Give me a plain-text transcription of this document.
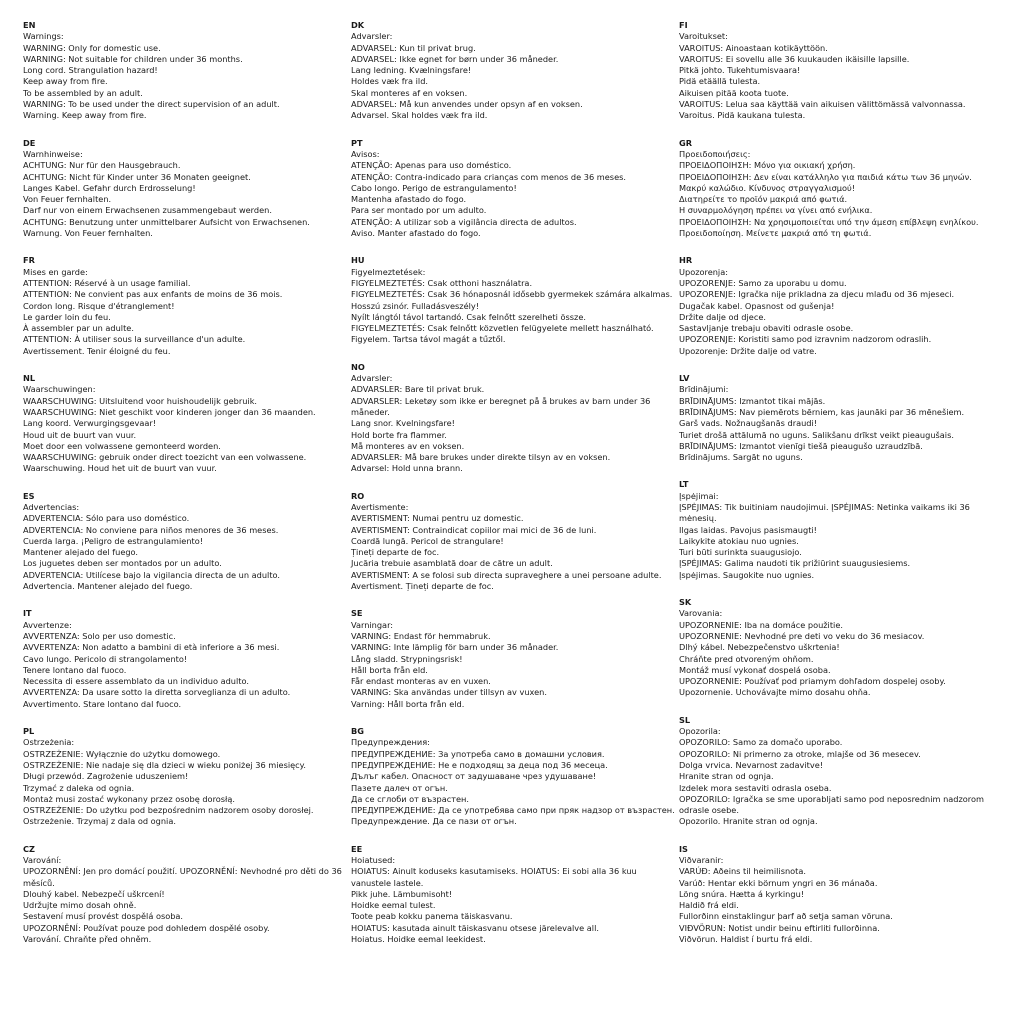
EN
Warnings:
WARNING: Only for domestic use.
WARNING: Not suitable for children under 36 months.
Long cord. Strangulation hazard!
Keep away from fire.
To be assembled by an adult.
WARNING: To be used under the direct supervision of an adult.
Warning. Keep away from fire.
DE
Warnhinweise:
ACHTUNG: Nur für den Hausgebrauch.
ACHTUNG: Nicht für Kinder unter 36 Monaten geeignet.
Langes Kabel. Gefahr durch Erdrosselung!
Von Feuer fernhalten.
Darf nur von einem Erwachsenen zusammengebaut werden.
ACHTUNG: Benutzung unter unmittelbarer Aufsicht von Erwachsenen.
Warnung. Von Feuer fernhalten.
FR
Mises en garde:
ATTENTION: Réservé à un usage familial.
ATTENTION: Ne convient pas aux enfants de moins de 36 mois.
Cordon long. Risque d'étranglement!
Le garder loin du feu.
À assembler par un adulte.
ATTENTION: À utiliser sous la surveillance d'un adulte.
Avertissement. Tenir éloigné du feu.
NL
Waarschuwingen:
WAARSCHUWING: Uitsluitend voor huishoudelijk gebruik.
WAARSCHUWING: Niet geschikt voor kinderen jonger dan 36 maanden.
Lang koord. Verwurgingsgevaar!
Houd uit de buurt van vuur.
Moet door een volwassene gemonteerd worden.
WAARSCHUWING: gebruik onder direct toezicht van een volwassene.
Waarschuwing. Houd het uit de buurt van vuur.
ES
Advertencias:
ADVERTENCIA: Sólo para uso doméstico.
ADVERTENCIA: No conviene para niños menores de 36 meses.
Cuerda larga. ¡Peligro de estrangulamiento!
Mantener alejado del fuego.
Los juguetes deben ser montados por un adulto.
ADVERTENCIA: Utilícese bajo la vigilancia directa de un adulto.
Advertencia. Mantener alejado del fuego.
IT
Avvertenze:
AVVERTENZA: Solo per uso domestic.
AVVERTENZA: Non adatto a bambini di età inferiore a 36 mesi.
Cavo lungo. Pericolo di strangolamento!
Tenere lontano dal fuoco.
Necessita di essere assemblato da un individuo adulto.
AVVERTENZA: Da usare sotto la diretta sorveglianza di un adulto.
Avvertimento. Stare lontano dal fuoco.
PL
Ostrzeżenia:
OSTRZEŻENIE: Wyłącznie do użytku domowego.
OSTRZEŻENIE: Nie nadaje się dla dzieci w wieku poniżej 36 miesięcy.
Długi przewód. Zagrożenie uduszeniem!
Trzymać z daleka od ognia.
Montaż musi zostać wykonany przez osobę dorosłą.
OSTRZEŻENIE: Do użytku pod bezpośrednim nadzorem osoby dorosłej.
Ostrzeżenie. Trzymaj z dala od ognia.
CZ
Varování:
UPOZORNĚNÍ: Jen pro domácí použití. UPOZORNĚNÍ: Nevhodné pro děti do 36 měsíců.
Dlouhý kabel. Nebezpečí uškrcení!
Udržujte mimo dosah ohně.
Sestavení musí provést dospělá osoba.
UPOZORNĚNÍ: Používat pouze pod dohledem dospělé osoby.
Varování. Chraňte před ohněm.
DK
Advarsler:
ADVARSEL: Kun til privat brug.
ADVARSEL: Ikke egnet for børn under 36 måneder.
Lang ledning. Kvælningsfare!
Holdes væk fra ild.
Skal monteres af en voksen.
ADVARSEL: Må kun anvendes under opsyn af en voksen.
Advarsel. Skal holdes væk fra ild.
PT
Avisos:
ATENÇÃO: Apenas para uso doméstico.
ATENÇÃO: Contra-indicado para crianças com menos de 36 meses.
Cabo longo. Perigo de estrangulamento!
Mantenha afastado do fogo.
Para ser montado por um adulto.
ATENÇÃO: A utilizar sob a vigilância directa de adultos.
Aviso. Manter afastado do fogo.
HU
Figyelmeztetések:
FIGYELMEZTETÉS: Csak otthoni használatra.
FIGYELMEZTETÉS: Csak 36 hónaposnál idősebb gyermekek számára alkalmas.
Hosszú zsinór. Fulladásveszély!
Nyílt lángtól távol tartandó. Csak felnőtt szerelheti össze.
FIGYELMEZTETÉS: Csak felnőtt közvetlen felügyelete mellett használható.
Figyelem. Tartsa távol magát a tűztől.
NO
Advarsler:
ADVARSLER: Bare til privat bruk.
ADVARSLER: Leketøy som ikke er beregnet på å brukes av barn under 36 måneder.
Lang snor. Kvelningsfare!
Hold borte fra flammer.
Må monteres av en voksen.
ADVARSLER: Må bare brukes under direkte tilsyn av en voksen.
Advarsel: Hold unna brann.
RO
Avertismente:
AVERTISMENT: Numai pentru uz domestic.
AVERTISMENT: Contraindicat copiilor mai mici de 36 de luni.
Coardă lungă. Pericol de strangulare!
Țineți departe de foc.
Jucăria trebuie asamblată doar de către un adult.
AVERTISMENT: A se folosi sub directa supraveghere a unei persoane adulte.
Avertisment. Țineți departe de foc.
SE
Varningar:
VARNING: Endast för hemmabruk.
VARNING: Inte lämplig för barn under 36 månader.
Lång sladd. Strypningsrisk!
Håll borta från eld.
Får endast monteras av en vuxen.
VARNING: Ska användas under tillsyn av vuxen.
Varning: Håll borta från eld.
BG
Предупреждения:
ПРЕДУПРЕЖДЕНИЕ: За употреба само в домашни условия.
ПРЕДУПРЕЖДЕНИЕ: Не е подходящ за деца под 36 месеца.
Дълъг кабел. Опасност от задушаване чрез удушаване!
Пазете далеч от огън.
Да се сглоби от възрастен.
ПРЕДУПРЕЖДЕНИЕ: Да се употребява само при пряк надзор от възрастен.
Предупреждение. Да се пази от огън.
EE
Hoiatused:
HOIATUS: Ainult koduseks kasutamiseks. HOIATUS: Ei sobi alla 36 kuu vanustele lastele.
Pikk juhe. Lämbumisoht!
Hoidke eemal tulest.
Toote peab kokku panema täiskasvanu.
HOIATUS: kasutada ainult täiskasvanu otsese järelevalve all.
Hoiatus. Hoidke eemal leekidest.
FI
Varoitukset:
VAROITUS: Ainoastaan kotikäyttöön.
VAROITUS: Ei sovellu alle 36 kuukauden ikäisille lapsille.
Pitkä johto. Tukehtumisvaara!
Pidä etäällä tulesta.
Aikuisen pitää koota tuote.
VAROITUS: Lelua saa käyttää vain aikuisen välittömässä valvonnassa.
Varoitus. Pidä kaukana tulesta.
GR
Προειδοποιήσεις:
ΠΡΟΕΙΔΟΠΟΙΗΣΗ: Μόνο για οικιακή χρήση.
ΠΡΟΕΙΔΟΠΟΙΗΣΗ: Δεν είναι κατάλληλο για παιδιά κάτω των 36 μηνών.
Μακρύ καλώδιο. Κίνδυνος στραγγαλισμού!
Διατηρείτε το προϊόν μακριά από φωτιά.
Η συναρμολόγηση πρέπει να γίνει από ενήλικα.
ΠΡΟΕΙΔΟΠΟΙΗΣΗ: Να χρησιμοποιείται υπό την άμεση επίβλεψη ενηλίκου.
Προειδοποίηση. Μείνετε μακριά από τη φωτιά.
HR
Upozorenja:
UPOZORENJE: Samo za uporabu u domu.
UPOZORENJE: Igračka nije prikladna za djecu mlađu od 36 mjeseci.
Dugačak kabel. Opasnost od gušenja!
Držite dalje od djece.
Sastavljanje trebaju obaviti odrasle osobe.
UPOZORENJE: Koristiti samo pod izravnim nadzorom odraslih.
Upozorenje: Držite dalje od vatre.
LV
Brīdinājumi:
BRĪDINĀJUMS: Izmantot tikai mājās.
BRĪDINĀJUMS: Nav piemērots bērniem, kas jaunāki par 36 mēnešiem.
Garš vads. Nožnaugšanās draudi!
Turiet drošā attālumā no uguns. Salikšanu drīkst veikt pieaugušais.
BRĪDINĀJUMS: Izmantot vienīgi tiešā pieaugušo uzraudzībā.
Brīdinājums. Sargāt no uguns.
LT
Įspėjimai:
ĮSPĖJIMAS: Tik buitiniam naudojimui. ĮSPĖJIMAS: Netinka vaikams iki 36 mėnesių.
Ilgas laidas. Pavojus pasismaugti!
Laikykite atokiau nuo ugnies.
Turi būti surinkta suaugusiojo.
ĮSPĖJIMAS: Galima naudoti tik prižiūrint suaugusiesiems.
Įspėjimas. Saugokite nuo ugnies.
SK
Varovania:
UPOZORNENIE: Iba na domáce použitie.
UPOZORNENIE: Nevhodné pre deti vo veku do 36 mesiacov.
Dlhý kábel. Nebezpečenstvo uškrtenia!
Chráňte pred otvoreným ohňom.
Montáž musí vykonať dospelá osoba.
UPOZORNENIE: Používať pod priamym dohľadom dospelej osoby.
Upozornenie. Uchovávajte mimo dosahu ohňa.
SL
Opozorila:
OPOZORILO: Samo za domačo uporabo.
OPOZORILO: Ni primerno za otroke, mlajše od 36 mesecev.
Dolga vrvica. Nevarnost zadavitve!
Hranite stran od ognja.
Izdelek mora sestaviti odrasla oseba.
OPOZORILO: Igračka se sme uporabljati samo pod neposrednim nadzorom odrasle osebe.
Opozorilo. Hranite stran od ognja.
IS
Viðvaranir:
VARÚÐ: Aðeins til heimilisnota.
Varúð: Hentar ekki börnum yngri en 36 mánaða.
Löng snúra. Hætta á kyrkingu!
Haldið frá eldi.
Fullorðinn einstaklingur þarf að setja saman vöruna.
VIÐVÖRUN: Notist undir beinu eftirliti fullorðinna.
Viðvörun. Haldist í burtu frá eldi.
